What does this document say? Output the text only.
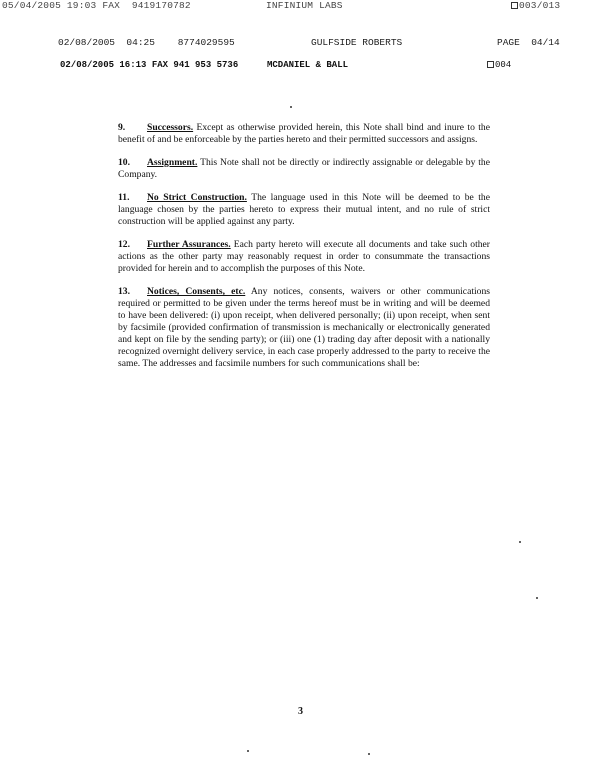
05/04/2005 19:03 FAX  9419170782

	INFINIUM LABS

	003/013

02/08/2005  04:25    8774029595

	GULFSIDE ROBERTS

	PAGE  04/14

02/08/2005 16:13 FAX 941 953 5736

	MCDANIEL & BALL

	004

9. Successors. Except as otherwise provided herein, this Note shall bind and inure to the benefit of and be enforceable by the parties hereto and their permitted successors and assigns.

10. Assignment. This Note shall not be directly or indirectly assignable or delegable by the Company.

11. No Strict Construction. The language used in this Note will be deemed to be the language chosen by the parties hereto to express their mutual intent, and no rule of strict construction will be applied against any party.

12. Further Assurances. Each party hereto will execute all documents and take such other actions as the other party may reasonably request in order to consummate the transactions provided for herein and to accomplish the purposes of this Note.

13. Notices, Consents, etc. Any notices, consents, waivers or other communications required or permitted to be given under the terms hereof must be in writing and will be deemed to have been delivered: (i) upon receipt, when delivered personally; (ii) upon receipt, when sent by facsimile (provided confirmation of transmission is mechanically or electronically generated and kept on file by the sending party); or (iii) one (1) trading day after deposit with a nationally recognized overnight delivery service, in each case properly addressed to the party to receive the same. The addresses and facsimile numbers for such communications shall be:

3
